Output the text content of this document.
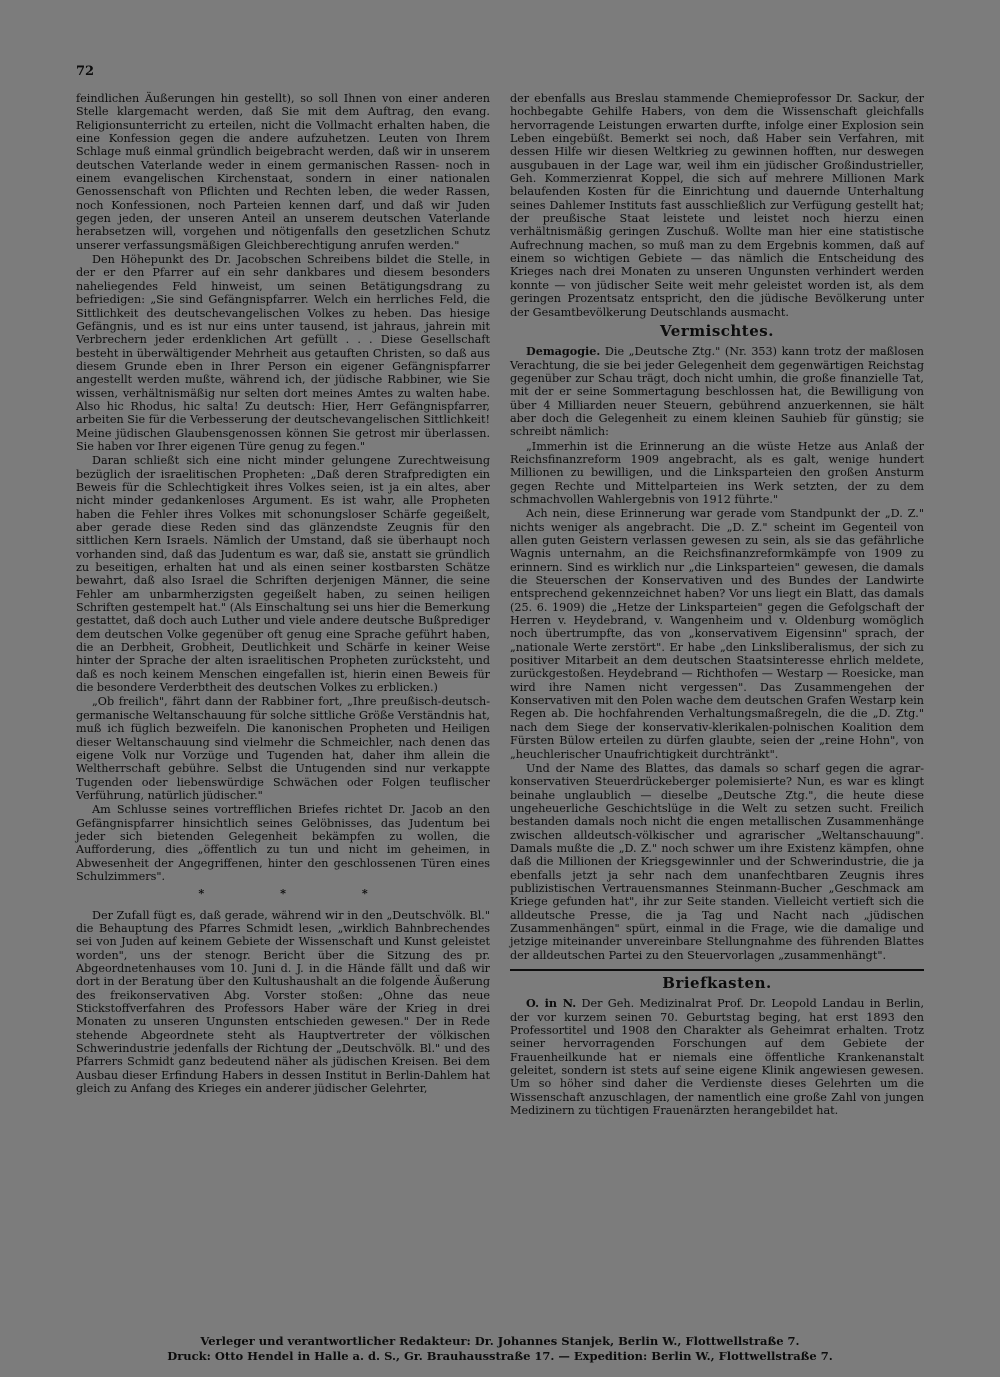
72

feindlichen Äußerungen hin gestellt), so soll Ihnen von einer anderen Stelle klargemacht werden, daß Sie mit dem Auftrag, den evang. Religionsunterricht zu erteilen, nicht die Vollmacht erhalten haben, die eine Konfession gegen die andere aufzuhetzen. Leuten von Ihrem Schlage muß einmal gründlich beigebracht werden, daß wir in unserem deutschen Vaterlande weder in einem germanischen Rassen- noch in einem evangelischen Kirchenstaat, sondern in einer nationalen Genossenschaft von Pflichten und Rechten leben, die weder Rassen, noch Konfessionen, noch Parteien kennen darf, und daß wir Juden gegen jeden, der unseren Anteil an unserem deutschen Vaterlande herabsetzen will, vorgehen und nötigenfalls den gesetzlichen Schutz unserer verfassungsmäßigen Gleichberechtigung anrufen werden."

Den Höhepunkt des Dr. Jacobschen Schreibens bildet die Stelle, in der er den Pfarrer auf ein sehr dankbares und diesem besonders naheliegendes Feld hinweist, um seinen Betätigungsdrang zu befriedigen: „Sie sind Gefängnispfarrer. Welch ein herrliches Feld, die Sittlichkeit des deutschevangelischen Volkes zu heben. Das hiesige Gefängnis, und es ist nur eins unter tausend, ist jahraus, jahrein mit Verbrechern jeder erdenklichen Art gefüllt . . . Diese Gesellschaft besteht in überwältigender Mehrheit aus getauften Christen, so daß aus diesem Grunde eben in Ihrer Person ein eigener Gefängnispfarrer angestellt werden mußte, während ich, der jüdische Rabbiner, wie Sie wissen, verhältnismäßig nur selten dort meines Amtes zu walten habe. Also hic Rhodus, hic salta! Zu deutsch: Hier, Herr Gefängnispfarrer, arbeiten Sie für die Verbesserung der deutschevangelischen Sittlichkeit! Meine jüdischen Glaubensgenossen können Sie getrost mir überlassen. Sie haben vor Ihrer eigenen Türe genug zu fegen."

Daran schließt sich eine nicht minder gelungene Zurechtweisung bezüglich der israelitischen Propheten: „Daß deren Strafpredigten ein Beweis für die Schlechtigkeit ihres Volkes seien, ist ja ein altes, aber nicht minder gedankenloses Argument. Es ist wahr, alle Propheten haben die Fehler ihres Volkes mit schonungsloser Schärfe gegeißelt, aber gerade diese Reden sind das glänzendste Zeugnis für den sittlichen Kern Israels. Nämlich der Umstand, daß sie überhaupt noch vorhanden sind, daß das Judentum es war, daß sie, anstatt sie gründlich zu beseitigen, erhalten hat und als einen seiner kostbarsten Schätze bewahrt, daß also Israel die Schriften derjenigen Männer, die seine Fehler am unbarmherzigsten gegeißelt haben, zu seinen heiligen Schriften gestempelt hat." (Als Einschaltung sei uns hier die Bemerkung gestattet, daß doch auch Luther und viele andere deutsche Bußprediger dem deutschen Volke gegenüber oft genug eine Sprache geführt haben, die an Derbheit, Grobheit, Deutlichkeit und Schärfe in keiner Weise hinter der Sprache der alten israelitischen Propheten zurücksteht, und daß es noch keinem Menschen eingefallen ist, hierin einen Beweis für die besondere Verderbtheit des deutschen Volkes zu erblicken.)

„Ob freilich", fährt dann der Rabbiner fort, „Ihre preußisch-deutsch-germanische Weltanschauung für solche sittliche Größe Verständnis hat, muß ich füglich bezweifeln. Die kanonischen Propheten und Heiligen dieser Weltanschauung sind vielmehr die Schmeichler, nach denen das eigene Volk nur Vorzüge und Tugenden hat, daher ihm allein die Weltherrschaft gebühre. Selbst die Untugenden sind nur verkappte Tugenden oder liebenswürdige Schwächen oder Folgen teuflischer Verführung, natürlich jüdischer."

Am Schlusse seines vortrefflichen Briefes richtet Dr. Jacob an den Gefängnispfarrer hinsichtlich seines Gelöbnisses, das Judentum bei jeder sich bietenden Gelegenheit bekämpfen zu wollen, die Aufforderung, dies „öffentlich zu tun und nicht im geheimen, in Abwesenheit der Angegriffenen, hinter den geschlossenen Türen eines Schulzimmers".

* * *

Der Zufall fügt es, daß gerade, während wir in den „Deutschvölk. Bl." die Behauptung des Pfarres Schmidt lesen, „wirklich Bahnbrechendes sei von Juden auf keinem Gebiete der Wissenschaft und Kunst geleistet worden", uns der stenogr. Bericht über die Sitzung des pr. Abgeordnetenhauses vom 10. Juni d. J. in die Hände fällt und daß wir dort in der Beratung über den Kultushaushalt an die folgende Äußerung des freikonservativen Abg. Vorster stoßen: „Ohne das neue Stickstoffverfahren des Professors Haber wäre der Krieg in drei Monaten zu unseren Ungunsten entschieden gewesen." Der in Rede stehende Abgeordnete steht als Hauptvertreter der völkischen Schwerindustrie jedenfalls der Richtung der „Deutschvölk. Bl." und des Pfarrers Schmidt ganz bedeutend näher als jüdischen Kreisen. Bei dem Ausbau dieser Erfindung Habers in dessen Institut in Berlin-Dahlem hat gleich zu Anfang des Krieges ein anderer jüdischer Gelehrter,

der ebenfalls aus Breslau stammende Chemieprofessor Dr. Sackur, der hochbegabte Gehilfe Habers, von dem die Wissenschaft gleichfalls hervorragende Leistungen erwarten durfte, infolge einer Explosion sein Leben eingebüßt. Bemerkt sei noch, daß Haber sein Verfahren, mit dessen Hilfe wir diesen Weltkrieg zu gewinnen hofften, nur deswegen ausgubauen in der Lage war, weil ihm ein jüdischer Großindustrieller, Geh. Kommerzienrat Koppel, die sich auf mehrere Millionen Mark belaufenden Kosten für die Einrichtung und dauernde Unterhaltung seines Dahlemer Instituts fast ausschließlich zur Verfügung gestellt hat; der preußische Staat leistete und leistet noch hierzu einen verhältnismäßig geringen Zuschuß. Wollte man hier eine statistische Aufrechnung machen, so muß man zu dem Ergebnis kommen, daß auf einem so wichtigen Gebiete — das nämlich die Entscheidung des Krieges nach drei Monaten zu unseren Ungunsten verhindert werden konnte — von jüdischer Seite weit mehr geleistet worden ist, als dem geringen Prozentsatz entspricht, den die jüdische Bevölkerung unter der Gesamtbevölkerung Deutschlands ausmacht.

Vermischtes.

Demagogie. Die „Deutsche Ztg." (Nr. 353) kann trotz der maßlosen Verachtung, die sie bei jeder Gelegenheit dem gegenwärtigen Reichstag gegenüber zur Schau trägt, doch nicht umhin, die große finanzielle Tat, mit der er seine Sommertagung beschlossen hat, die Bewilligung von über 4 Milliarden neuer Steuern, gebührend anzuerkennen, sie hält aber doch die Gelegenheit zu einem kleinen Sauhieb für günstig; sie schreibt nämlich:

„Immerhin ist die Erinnerung an die wüste Hetze aus Anlaß der Reichsfinanzreform 1909 angebracht, als es galt, wenige hundert Millionen zu bewilligen, und die Linksparteien den großen Ansturm gegen Rechte und Mittelparteien ins Werk setzten, der zu dem schmachvollen Wahlergebnis von 1912 führte."

Ach nein, diese Erinnerung war gerade vom Standpunkt der „D. Z." nichts weniger als angebracht. Die „D. Z." scheint im Gegenteil von allen guten Geistern verlassen gewesen zu sein, als sie das gefährliche Wagnis unternahm, an die Reichsfinanzreformkämpfe von 1909 zu erinnern. Sind es wirklich nur „die Linksparteien" gewesen, die damals die Steuerschen der Konservativen und des Bundes der Landwirte entsprechend gekennzeichnet haben? Vor uns liegt ein Blatt, das damals (25. 6. 1909) die „Hetze der Linksparteien" gegen die Gefolgschaft der Herren v. Heydebrand, v. Wangenheim und v. Oldenburg womöglich noch übertrumpfte, das von „konservativem Eigensinn" sprach, der „nationale Werte zerstört". Er habe „den Linksliberalismus, der sich zu positiver Mitarbeit an dem deutschen Staatsinteresse ehrlich meldete, zurückgestoßen. Heydebrand — Richthofen — Westarp — Roesicke, man wird ihre Namen nicht vergessen". Das Zusammengehen der Konservativen mit den Polen wache dem deutschen Grafen Westarp kein Regen ab. Die hochfahrenden Verhaltungsmaßregeln, die die „D. Ztg." nach dem Siege der konservativ-klerikalen-polnischen Koalition dem Fürsten Bülow erteilen zu dürfen glaubte, seien der „reine Hohn", von „heuchlerischer Unaufrichtigkeit durchtränkt".

Und der Name des Blattes, das damals so scharf gegen die agrar-konservativen Steuerdrückeberger polemisierte? Nun, es war es klingt beinahe unglaublich — dieselbe „Deutsche Ztg.", die heute diese ungeheuerliche Geschichtslüge in die Welt zu setzen sucht. Freilich bestanden damals noch nicht die engen metallischen Zusammenhänge zwischen alldeutsch-völkischer und agrarischer „Weltanschauung". Damals mußte die „D. Z." noch schwer um ihre Existenz kämpfen, ohne daß die Millionen der Kriegsgewinnler und der Schwerindustrie, die ja ebenfalls jetzt ja sehr nach dem unanfechtbaren Zeugnis ihres publizistischen Vertrauensmannes Steinmann-Bucher „Geschmack am Kriege gefunden hat", ihr zur Seite standen. Vielleicht vertieft sich die alldeutsche Presse, die ja Tag und Nacht nach „jüdischen Zusammenhängen" spürt, einmal in die Frage, wie die damalige und jetzige miteinander unvereinbare Stellungnahme des führenden Blattes der alldeutschen Partei zu den Steuervorlagen „zusammenhängt".

Briefkasten.

O. in N. Der Geh. Medizinalrat Prof. Dr. Leopold Landau in Berlin, der vor kurzem seinen 70. Geburtstag beging, hat erst 1893 den Professortitel und 1908 den Charakter als Geheimrat erhalten. Trotz seiner hervorragenden Forschungen auf dem Gebiete der Frauenheilkunde hat er niemals eine öffentliche Krankenanstalt geleitet, sondern ist stets auf seine eigene Klinik angewiesen gewesen. Um so höher sind daher die Verdienste dieses Gelehrten um die Wissenschaft anzuschlagen, der namentlich eine große Zahl von jungen Medizinern zu tüchtigen Frauenärzten herangebildet hat.

Verleger und verantwortlicher Redakteur: Dr. Johannes Stanjek, Berlin W., Flottwellstraße 7.
Druck: Otto Hendel in Halle a. d. S., Gr. Brauhausstraße 17. — Expedition: Berlin W., Flottwellstraße 7.
